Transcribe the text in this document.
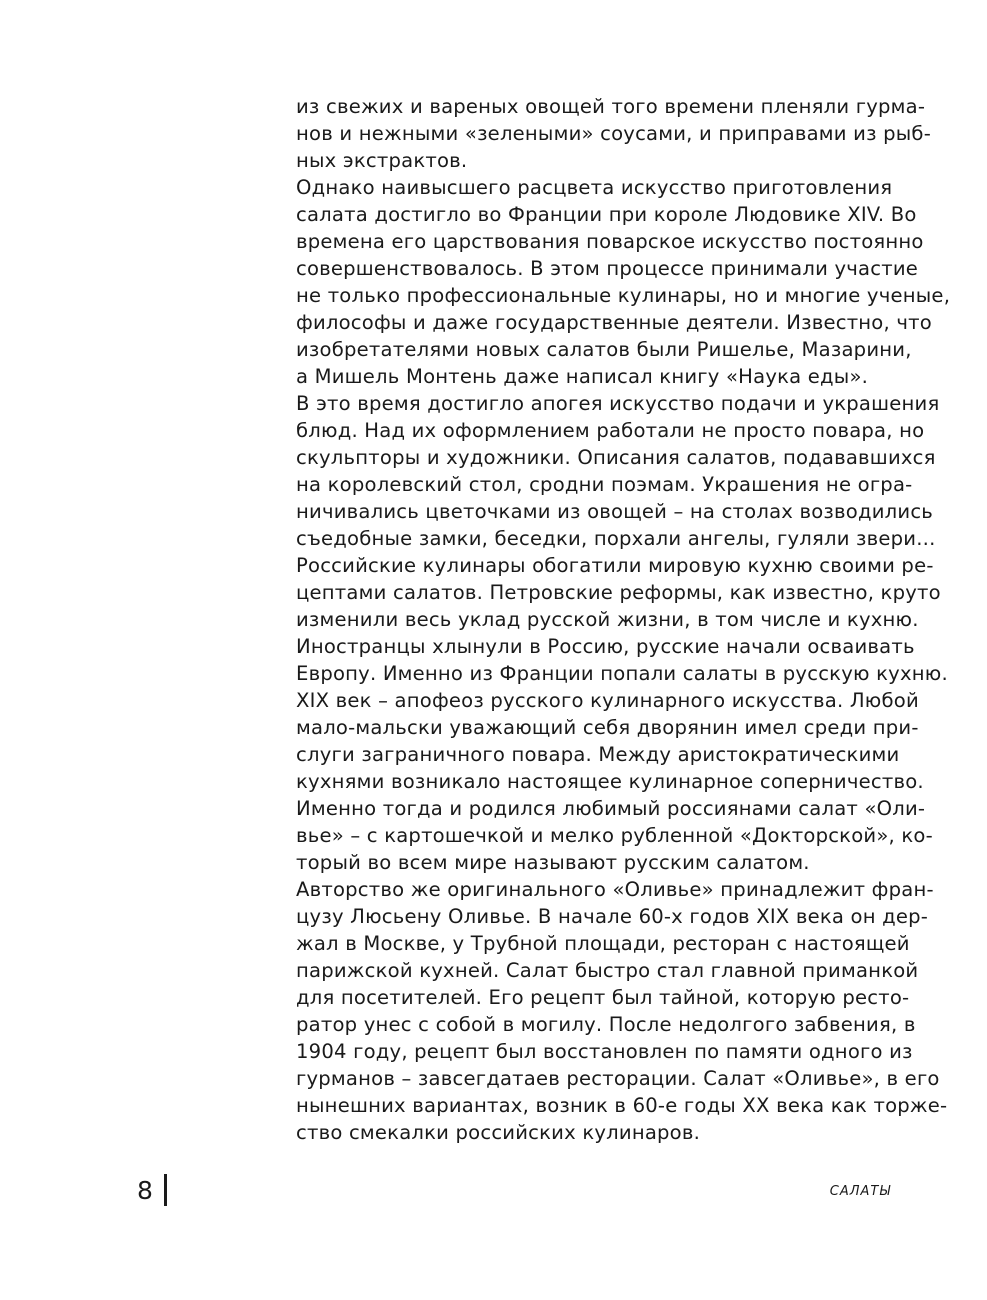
из свежих и вареных овощей того времени пленяли гурма-
нов и нежными «зелеными» соусами, и приправами из рыб-
ных экстрактов.
Однако наивысшего расцвета искусство приготовления
салата достигло во Франции при короле Людовике XIV. Во
времена его царствования поварское искусство постоянно
совершенствовалось. В этом процессе принимали участие
не только профессиональные кулинары, но и многие ученые,
философы и даже государственные деятели. Известно, что
изобретателями новых салатов были Ришелье, Мазарини,
а Мишель Монтень даже написал книгу «Наука еды».
В это время достигло апогея искусство подачи и украшения
блюд. Над их оформлением работали не просто повара, но
скульпторы и художники. Описания салатов, подававшихся
на королевский стол, сродни поэмам. Украшения не огра-
ничивались цветочками из овощей – на столах возводились
съедобные замки, беседки, порхали ангелы, гуляли звери...
Российские кулинары обогатили мировую кухню своими ре-
цептами салатов. Петровские реформы, как известно, круто
изменили весь уклад русской жизни, в том числе и кухню.
Иностранцы хлынули в Россию, русские начали осваивать
Европу. Именно из Франции попали салаты в русскую кухню.
XIX век – апофеоз русского кулинарного искусства. Любой
мало-мальски уважающий себя дворянин имел среди при-
слуги заграничного повара. Между аристократическими
кухнями возникало настоящее кулинарное соперничество.
Именно тогда и родился любимый россиянами салат «Оли-
вье» – с картошечкой и мелко рубленной «Докторской», ко-
торый во всем мире называют русским салатом.
Авторство же оригинального «Оливье» принадлежит фран-
цузу Люсьену Оливье. В начале 60-х годов XIX века он дер-
жал в Москве, у Трубной площади, ресторан с настоящей
парижской кухней. Салат быстро стал главной приманкой
для посетителей. Его рецепт был тайной, которую ресто-
ратор унес с собой в могилу. После недолгого забвения, в
1904 году, рецепт был восстановлен по памяти одного из
гурманов – завсегдатаев ресторации. Салат «Оливье», в его
нынешних вариантах, возник в 60-е годы XX века как торже-
ство смекалки российских кулинаров.
8	САЛАТЫ
